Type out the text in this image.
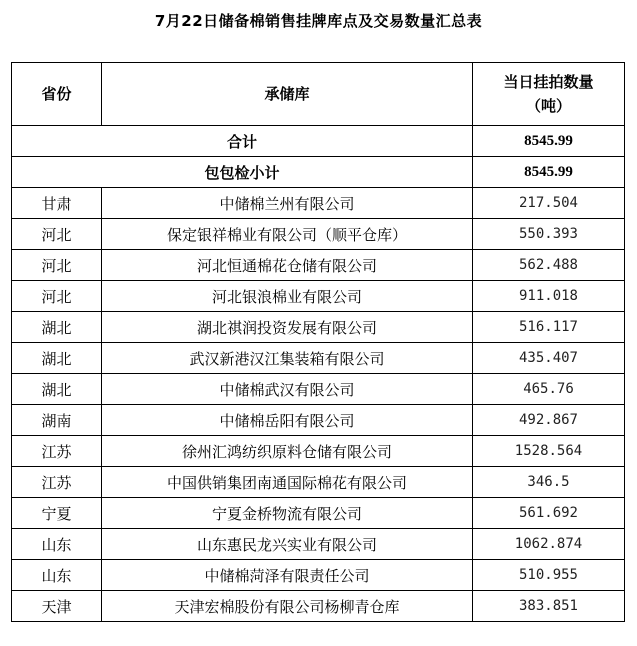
7月22日储备棉销售挂牌库点及交易数量汇总表
省份	承储库	当日挂拍数量
（吨）

合计		8545.99
包包检小计		8545.99
甘肃	中储棉兰州有限公司	217.504
河北	保定银祥棉业有限公司（顺平仓库）	550.393
河北	河北恒通棉花仓储有限公司	562.488
河北	河北银浪棉业有限公司	911.018
湖北	湖北祺润投资发展有限公司	516.117
湖北	武汉新港汉江集装箱有限公司	435.407
湖北	中储棉武汉有限公司	465.76
湖南	中储棉岳阳有限公司	492.867
江苏	徐州汇鸿纺织原料仓储有限公司	1528.564
江苏	中国供销集团南通国际棉花有限公司	346.5
宁夏	宁夏金桥物流有限公司	561.692
山东	山东惠民龙兴实业有限公司	1062.874
山东	中储棉菏泽有限责任公司	510.955
天津	天津宏棉股份有限公司杨柳青仓库	383.851
